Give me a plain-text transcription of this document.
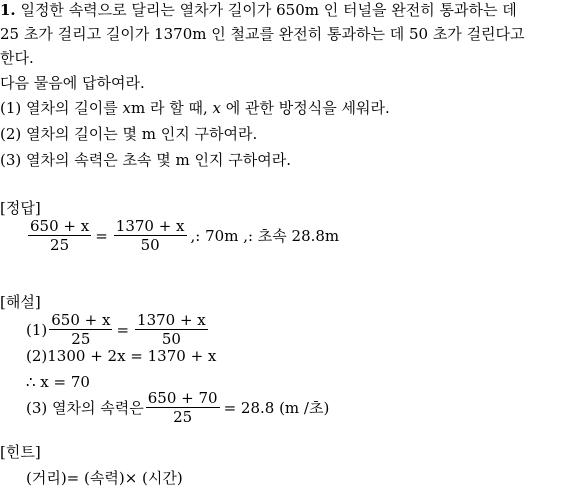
1. 일정한 속력으로 달리는 열차가 길이가 650m 인 터널을 완전히 통과하는 데
25 초가 걸리고 길이가 1370m 인 철교를 완전히 통과하는 데 50 초가 걸린다고
한다.
다음 물음에 답하여라.
(1) 열차의 길이를 xm 라 할 때, x 에 관한 방정식을 세워라.
(2) 열차의 길이는 몇 m 인지 구하여라.
(3) 열차의 속력은 초속 몇 m 인지 구하여라.
[정답]
$\frac{650 + x}{25} = \frac{1370 + x}{50}$ ,: 70m ,: 초속 28.8m
[해설]
$(1) \frac{650 + x}{25} = \frac{1370 + x}{50}$
(2)1300 + 2x = 1370 + x
∴ x = 70
(3) 열차의 속력은 $\frac{650 + 70}{25} = 28.8$ (m /초)
[힌트]
(거리)= (속력)× (시간)
